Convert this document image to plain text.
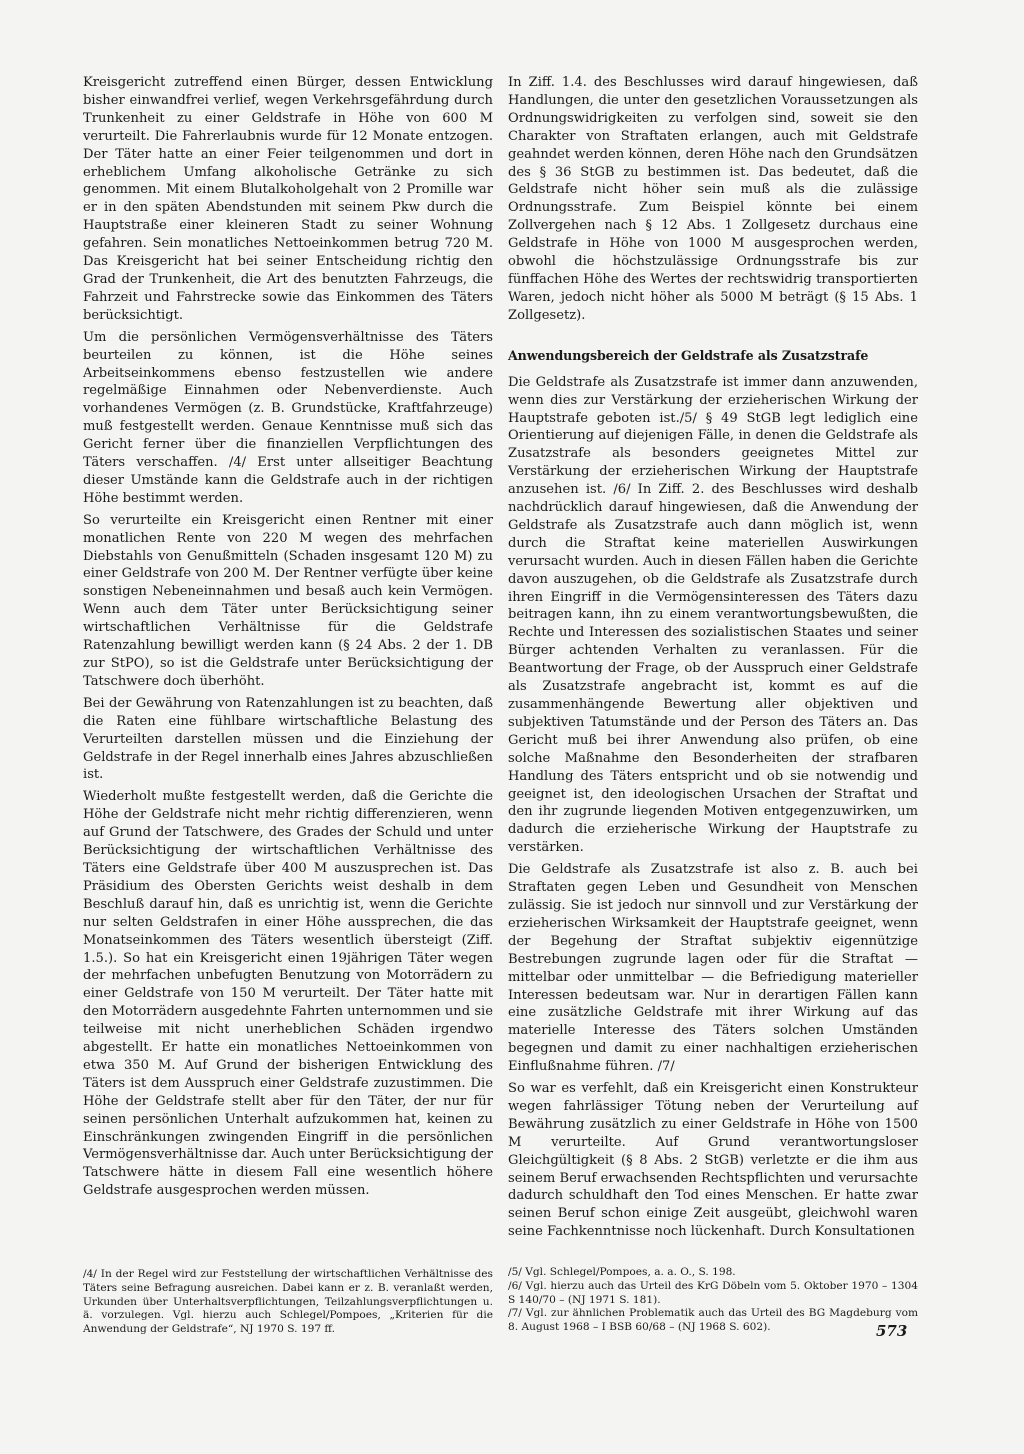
Kreisgericht zutreffend einen Bürger, dessen Entwicklung bisher einwandfrei verlief, wegen Verkehrsgefährdung durch Trunkenheit zu einer Geldstrafe in Höhe von 600 M verurteilt. Die Fahrerlaubnis wurde für 12 Monate entzogen. Der Täter hatte an einer Feier teilgenommen und dort in erheblichem Umfang alkoholische Getränke zu sich genommen. Mit einem Blutalkoholgehalt von 2 Promille war er in den späten Abendstunden mit seinem Pkw durch die Hauptstraße einer kleineren Stadt zu seiner Wohnung gefahren. Sein monatliches Nettoeinkommen betrug 720 M. Das Kreisgericht hat bei seiner Entscheidung richtig den Grad der Trunkenheit, die Art des benutzten Fahrzeugs, die Fahrzeit und Fahrstrecke sowie das Einkommen des Täters berücksichtigt.

Um die persönlichen Vermögensverhältnisse des Täters beurteilen zu können, ist die Höhe seines Arbeitseinkommens ebenso festzustellen wie andere regelmäßige Einnahmen oder Nebenverdienste. Auch vorhandenes Vermögen (z. B. Grundstücke, Kraftfahrzeuge) muß festgestellt werden. Genaue Kenntnisse muß sich das Gericht ferner über die finanziellen Verpflichtungen des Täters verschaffen. /4/ Erst unter allseitiger Beachtung dieser Umstände kann die Geldstrafe auch in der richtigen Höhe bestimmt werden.

So verurteilte ein Kreisgericht einen Rentner mit einer monatlichen Rente von 220 M wegen des mehrfachen Diebstahls von Genußmitteln (Schaden insgesamt 120 M) zu einer Geldstrafe von 200 M. Der Rentner verfügte über keine sonstigen Nebeneinnahmen und besaß auch kein Vermögen. Wenn auch dem Täter unter Berücksichtigung seiner wirtschaftlichen Verhältnisse für die Geldstrafe Ratenzahlung bewilligt werden kann (§ 24 Abs. 2 der 1. DB zur StPO), so ist die Geldstrafe unter Berücksichtigung der Tatschwere doch überhöht.

Bei der Gewährung von Ratenzahlungen ist zu beachten, daß die Raten eine fühlbare wirtschaftliche Belastung des Verurteilten darstellen müssen und die Einziehung der Geldstrafe in der Regel innerhalb eines Jahres abzuschließen ist.

Wiederholt mußte festgestellt werden, daß die Gerichte die Höhe der Geldstrafe nicht mehr richtig differenzieren, wenn auf Grund der Tatschwere, des Grades der Schuld und unter Berücksichtigung der wirtschaftlichen Verhältnisse des Täters eine Geldstrafe über 400 M auszusprechen ist. Das Präsidium des Obersten Gerichts weist deshalb in dem Beschluß darauf hin, daß es unrichtig ist, wenn die Gerichte nur selten Geldstrafen in einer Höhe aussprechen, die das Monatseinkommen des Täters wesentlich übersteigt (Ziff. 1.5.). So hat ein Kreisgericht einen 19jährigen Täter wegen der mehrfachen unbefugten Benutzung von Motorrädern zu einer Geldstrafe von 150 M verurteilt. Der Täter hatte mit den Motorrädern ausgedehnte Fahrten unternommen und sie teilweise mit nicht unerheblichen Schäden irgendwo abgestellt. Er hatte ein monatliches Nettoeinkommen von etwa 350 M. Auf Grund der bisherigen Entwicklung des Täters ist dem Ausspruch einer Geldstrafe zuzustimmen. Die Höhe der Geldstrafe stellt aber für den Täter, der nur für seinen persönlichen Unterhalt aufzukommen hat, keinen zu Einschränkungen zwingenden Eingriff in die persönlichen Vermögensverhältnisse dar. Auch unter Berücksichtigung der Tatschwere hätte in diesem Fall eine wesentlich höhere Geldstrafe ausgesprochen werden müssen.

In Ziff. 1.4. des Beschlusses wird darauf hingewiesen, daß Handlungen, die unter den gesetzlichen Voraussetzungen als Ordnungswidrigkeiten zu verfolgen sind, soweit sie den Charakter von Straftaten erlangen, auch mit Geldstrafe geahndet werden können, deren Höhe nach den Grundsätzen des § 36 StGB zu bestimmen ist. Das bedeutet, daß die Geldstrafe nicht höher sein muß als die zulässige Ordnungsstrafe. Zum Beispiel könnte bei einem Zollvergehen nach § 12 Abs. 1 Zollgesetz durchaus eine Geldstrafe in Höhe von 1000 M ausgesprochen werden, obwohl die höchstzulässige Ordnungsstrafe bis zur fünffachen Höhe des Wertes der rechtswidrig transportierten Waren, jedoch nicht höher als 5000 M beträgt (§ 15 Abs. 1 Zollgesetz).

Anwendungsbereich der Geldstrafe als Zusatzstrafe

Die Geldstrafe als Zusatzstrafe ist immer dann anzuwenden, wenn dies zur Verstärkung der erzieherischen Wirkung der Hauptstrafe geboten ist./5/ § 49 StGB legt lediglich eine Orientierung auf diejenigen Fälle, in denen die Geldstrafe als Zusatzstrafe als besonders geeignetes Mittel zur Verstärkung der erzieherischen Wirkung der Hauptstrafe anzusehen ist. /6/ In Ziff. 2. des Beschlusses wird deshalb nachdrücklich darauf hingewiesen, daß die Anwendung der Geldstrafe als Zusatzstrafe auch dann möglich ist, wenn durch die Straftat keine materiellen Auswirkungen verursacht wurden. Auch in diesen Fällen haben die Gerichte davon auszugehen, ob die Geldstrafe als Zusatzstrafe durch ihren Eingriff in die Vermögensinteressen des Täters dazu beitragen kann, ihn zu einem verantwortungsbewußten, die Rechte und Interessen des sozialistischen Staates und seiner Bürger achtenden Verhalten zu veranlassen. Für die Beantwortung der Frage, ob der Ausspruch einer Geldstrafe als Zusatzstrafe angebracht ist, kommt es auf die zusammenhängende Bewertung aller objektiven und subjektiven Tatumstände und der Person des Täters an. Das Gericht muß bei ihrer Anwendung also prüfen, ob eine solche Maßnahme den Besonderheiten der strafbaren Handlung des Täters entspricht und ob sie notwendig und geeignet ist, den ideologischen Ursachen der Straftat und den ihr zugrunde liegenden Motiven entgegenzuwirken, um dadurch die erzieherische Wirkung der Hauptstrafe zu verstärken.

Die Geldstrafe als Zusatzstrafe ist also z. B. auch bei Straftaten gegen Leben und Gesundheit von Menschen zulässig. Sie ist jedoch nur sinnvoll und zur Verstärkung der erzieherischen Wirksamkeit der Hauptstrafe geeignet, wenn der Begehung der Straftat subjektiv eigennützige Bestrebungen zugrunde lagen oder für die Straftat — mittelbar oder unmittelbar — die Befriedigung materieller Interessen bedeutsam war. Nur in derartigen Fällen kann eine zusätzliche Geldstrafe mit ihrer Wirkung auf das materielle Interesse des Täters solchen Umständen begegnen und damit zu einer nachhaltigen erzieherischen Einflußnahme führen. /7/

So war es verfehlt, daß ein Kreisgericht einen Konstrukteur wegen fahrlässiger Tötung neben der Verurteilung auf Bewährung zusätzlich zu einer Geldstrafe in Höhe von 1500 M verurteilte. Auf Grund verantwortungsloser Gleichgültigkeit (§ 8 Abs. 2 StGB) verletzte er die ihm aus seinem Beruf erwachsenden Rechtspflichten und verursachte dadurch schuldhaft den Tod eines Menschen. Er hatte zwar seinen Beruf schon einige Zeit ausgeübt, gleichwohl waren seine Fachkenntnisse noch lückenhaft. Durch Konsultationen

/4/ In der Regel wird zur Feststellung der wirtschaftlichen Verhältnisse des Täters seine Befragung ausreichen. Dabei kann er z. B. veranlaßt werden, Urkunden über Unterhaltsverpflichtungen, Teilzahlungsverpflichtungen u. ä. vorzulegen. Vgl. hierzu auch Schlegel/Pompoes, „Kriterien für die Anwendung der Geldstrafe“, NJ 1970 S. 197 ff.

/5/ Vgl. Schlegel/Pompoes, a. a. O., S. 198.

/6/ Vgl. hierzu auch das Urteil des KrG Döbeln vom 5. Oktober 1970 – 1304 S 140/70 – (NJ 1971 S. 181).

/7/ Vgl. zur ähnlichen Problematik auch das Urteil des BG Magdeburg vom 8. August 1968 – I BSB 60/68 – (NJ 1968 S. 602).	573
